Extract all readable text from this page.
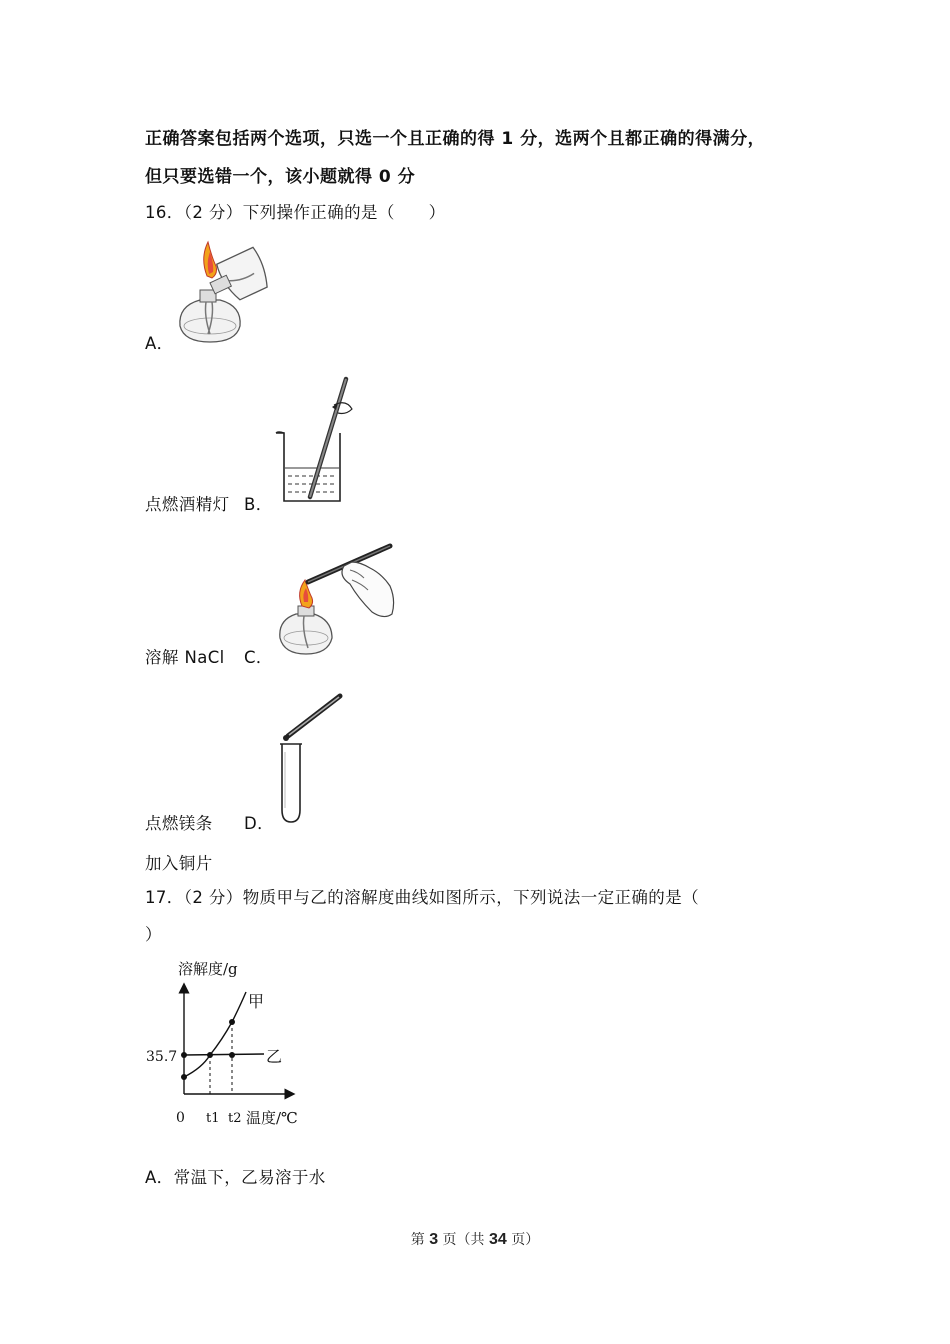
正确答案包括两个选项，只选一个且正确的得 1 分，选两个且都正确的得满分，
但只要选错一个，该小题就得 0 分
16．（2 分）下列操作正确的是（　　）
A．
点燃酒精灯 B．
溶解 NaCl C．
点燃镁条 D．
加入铜片
17．（2 分）物质甲与乙的溶解度曲线如图所示，下列说法一定正确的是（
）
溶解度/g
甲
乙
35.7
0 t1 t2 温度/℃
A．常温下，乙易溶于水
第 3 页（共 34 页）
